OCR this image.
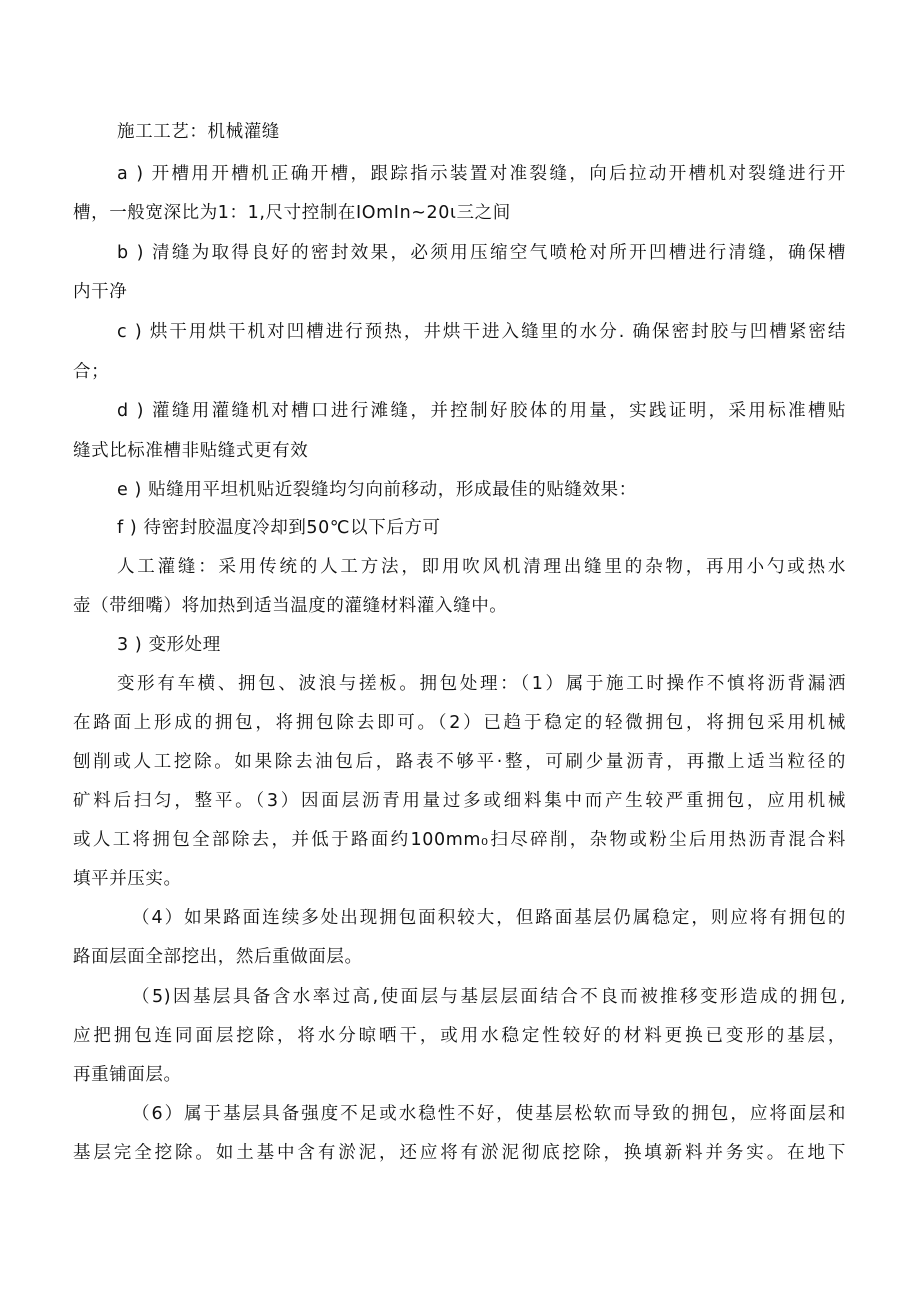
施工工艺：机械灌缝
a ) 开槽用开槽机正确开槽，跟踪指示装置对准裂缝，向后拉动开槽机对裂缝进行开
槽，一般宽深比为1：1,尺寸控制在IOmIn~20ι三之间
b ) 清缝为取得良好的密封效果，必须用压缩空气喷枪对所开凹槽进行清缝，确保槽
内干净
c ) 烘干用烘干机对凹槽进行预热，井烘干进入缝里的水分. 确保密封胶与凹槽紧密结
合；
d ) 灌缝用灌缝机对槽口进行滩缝，并控制好胶体的用量，实践证明，采用标准槽贴
缝式比标准槽非贴缝式更有效
e ) 贴缝用平坦机贴近裂缝均匀向前移动，形成最佳的贴缝效果：
f ) 待密封胶温度冷却到50℃以下后方可
人工灌缝：采用传统的人工方法，即用吹风机清理出缝里的杂物，再用小勺或热水
壶（带细嘴）将加热到适当温度的灌缝材料灌入缝中。
3 ) 变形处理
变形有车横、拥包、波浪与搓板。拥包处理：（1）属于施工时操作不慎将沥背漏洒
在路面上形成的拥包，将拥包除去即可。（2）已趋于稳定的轻微拥包，将拥包采用机械
刨削或人工挖除。如果除去油包后，路表不够平·整，可刷少量沥青，再撒上适当粒径的
矿料后扫匀，整平。（3）因面层沥青用量过多或细料集中而产生较严重拥包，应用机械
或人工将拥包全部除去，并低于路面约100mm₀扫尽碎削，杂物或粉尘后用热沥青混合料
填平并压实。
（4）如果路面连续多处出现拥包面积较大，但路面基层仍属稳定，则应将有拥包的
路面层面全部挖出，然后重做面层。
（5)因基层具备含水率过高,使面层与基层层面结合不良而被推移变形造成的拥包,
应把拥包连同面层挖除，将水分晾晒干，或用水稳定性较好的材料更换已变形的基层，
再重铺面层。
（6）属于基层具备强度不足或水稳性不好，使基层松软而导致的拥包，应将面层和
基层完全挖除。如土基中含有淤泥，还应将有淤泥彻底挖除，换填新料并务实。在地下
